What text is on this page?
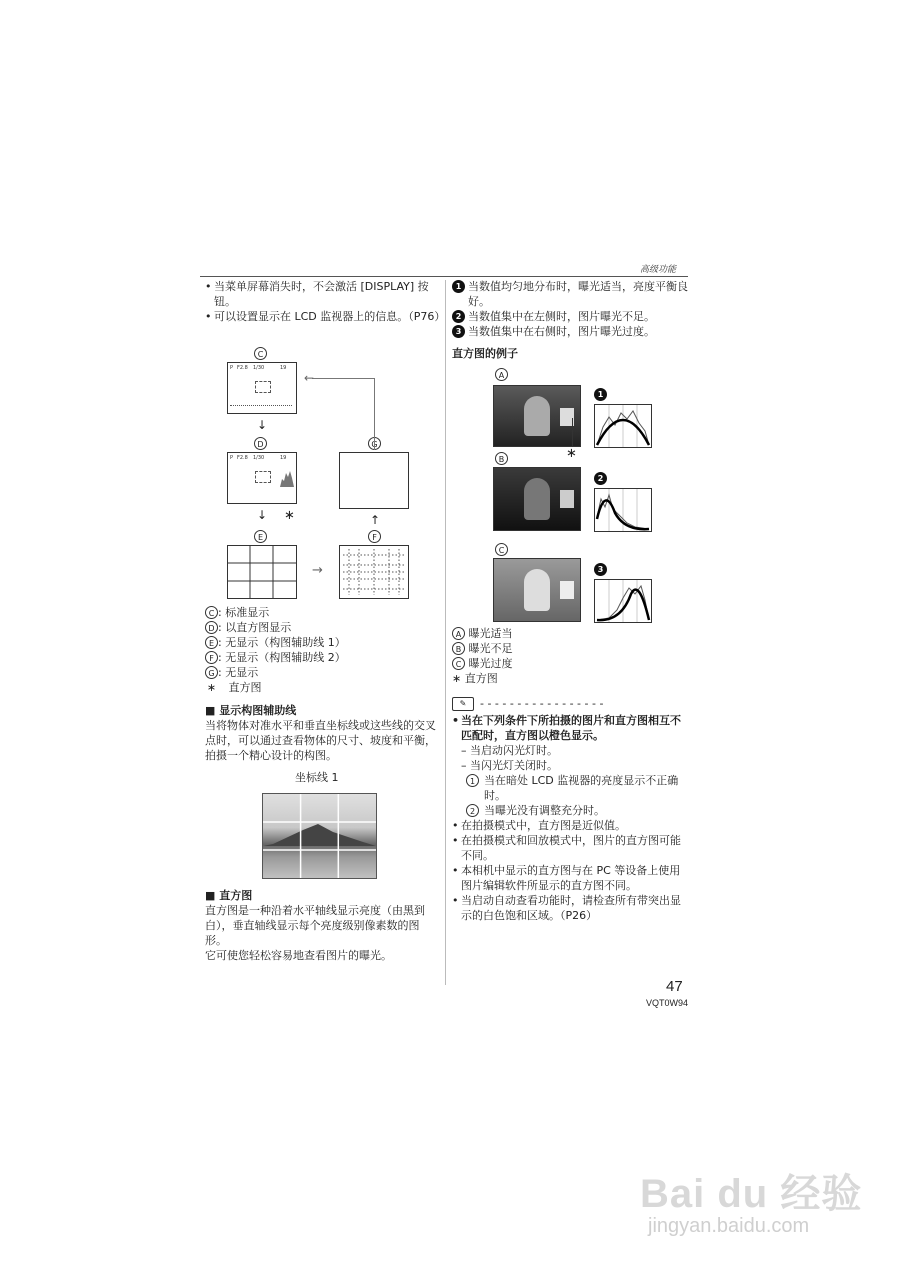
高级功能
• 当菜单屏幕消失时，不会激活 [DISPLAY] 按钮。
• 可以设置显示在 LCD 监视器上的信息。（P76）
C
P F2.8 1/30	19
↓
D
P F2.8 1/30	19
∗
↓
G
←
E
→
F
↑
C : 标准显示
D : 以直方图显示
E : 无显示（构图辅助线 1）
F : 无显示（构图辅助线 2）
G : 无显示
∗ 直方图
■ 显示构图辅助线
当将物体对准水平和垂直坐标线或这些线的交叉点时，可以通过查看物体的尺寸、坡度和平衡，拍摄一个精心设计的构图。
坐标线 1
■ 直方图
直方图是一种沿着水平轴线显示亮度（由黑到白），垂直轴线显示每个亮度级别像素数的图形。
它可使您轻松容易地查看图片的曝光。
1 当数值均匀地分布时，曝光适当，亮度平衡良好。
2 当数值集中在左侧时，图片曝光不足。
3 当数值集中在右侧时，图片曝光过度。
直方图的例子
A
∗
1
B
2
C
3
A 曝光适当
B 曝光不足
C 曝光过度
∗ 直方图
✎	- - - - - - - - - - - - - - - - -
• 当在下列条件下所拍摄的图片和直方图相互不匹配时，直方图以橙色显示。
– 当启动闪光灯时。
– 当闪光灯关闭时。
1 当在暗处 LCD 监视器的亮度显示不正确时。
2 当曝光没有调整充分时。
• 在拍摄模式中，直方图是近似值。
• 在拍摄模式和回放模式中，图片的直方图可能不同。
• 本相机中显示的直方图与在 PC 等设备上使用图片编辑软件所显示的直方图不同。
• 当启动自动查看功能时，请检查所有带突出显示的白色饱和区域。（P26）
47
VQT0W94
Bai du 经验
jingyan.baidu.com
